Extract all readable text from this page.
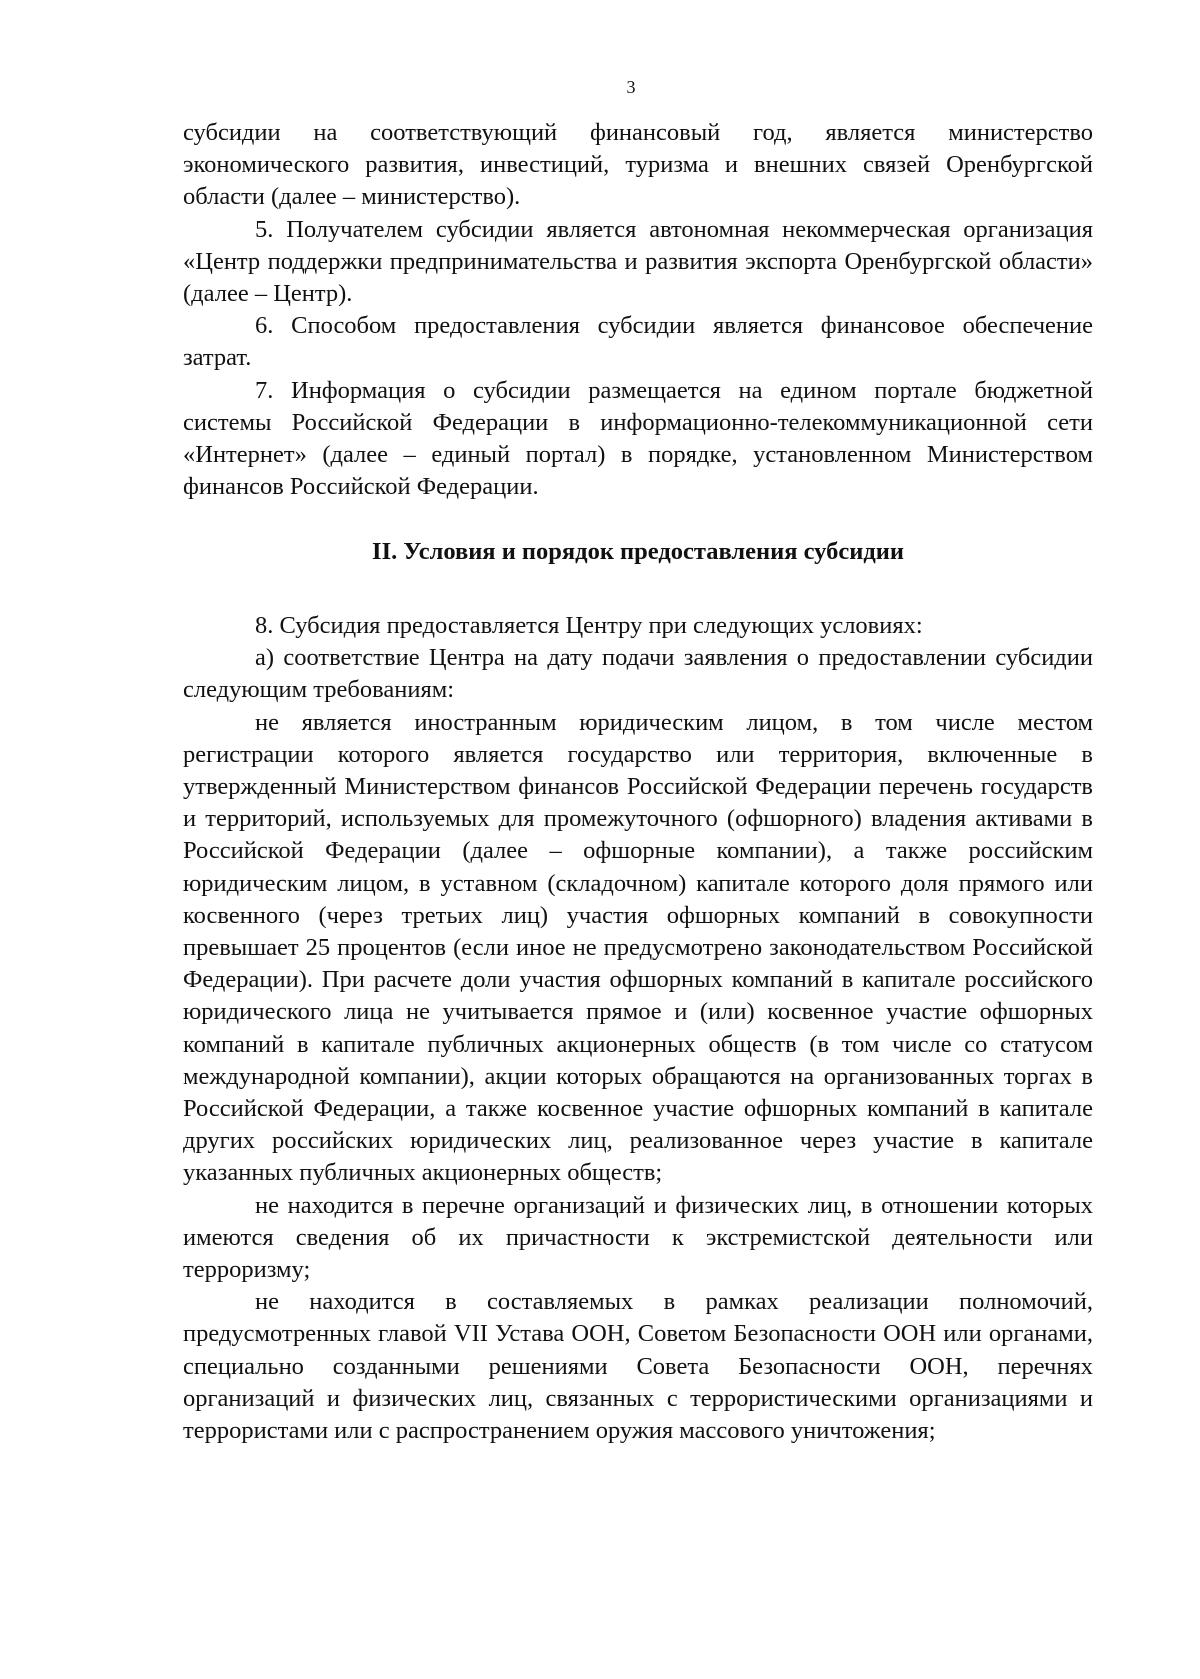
3

субсидии на соответствующий финансовый год, является министерство экономического развития, инвестиций, туризма и внешних связей Оренбургской области (далее – министерство).

5. Получателем субсидии является автономная некоммерческая организация «Центр поддержки предпринимательства и развития экспорта Оренбургской области» (далее – Центр).

6. Способом предоставления субсидии является финансовое обеспечение затрат.

7. Информация о субсидии размещается на едином портале бюджетной системы Российской Федерации в информационно-телекоммуникационной сети «Интернет» (далее – единый портал) в порядке, установленном Министерством финансов Российской Федерации.

II. Условия и порядок предоставления субсидии

8. Субсидия предоставляется Центру при следующих условиях:

а) соответствие Центра на дату подачи заявления о предоставлении субсидии следующим требованиям:

не является иностранным юридическим лицом, в том числе местом регистрации которого является государство или территория, включенные в утвержденный Министерством финансов Российской Федерации перечень государств и территорий, используемых для промежуточного (офшорного) владения активами в Российской Федерации (далее – офшорные компании), а также российским юридическим лицом, в уставном (складочном) капитале которого доля прямого или косвенного (через третьих лиц) участия офшорных компаний в совокупности превышает 25 процентов (если иное не предусмотрено законодательством Российской Федерации). При расчете доли участия офшорных компаний в капитале российского юридического лица не учитывается прямое и (или) косвенное участие офшорных компаний в капитале публичных акционерных обществ (в том числе со статусом международной компании), акции которых обращаются на организованных торгах в Российской Федерации, а также косвенное участие офшорных компаний в капитале других российских юридических лиц, реализованное через участие в капитале указанных публичных акционерных обществ;

не находится в перечне организаций и физических лиц, в отношении которых имеются сведения об их причастности к экстремистской деятельности или терроризму;

не находится в составляемых в рамках реализации полномочий, предусмотренных главой VII Устава ООН, Советом Безопасности ООН или органами, специально созданными решениями Совета Безопасности ООН, перечнях организаций и физических лиц, связанных с террористическими организациями и террористами или с распространением оружия массового уничтожения;
